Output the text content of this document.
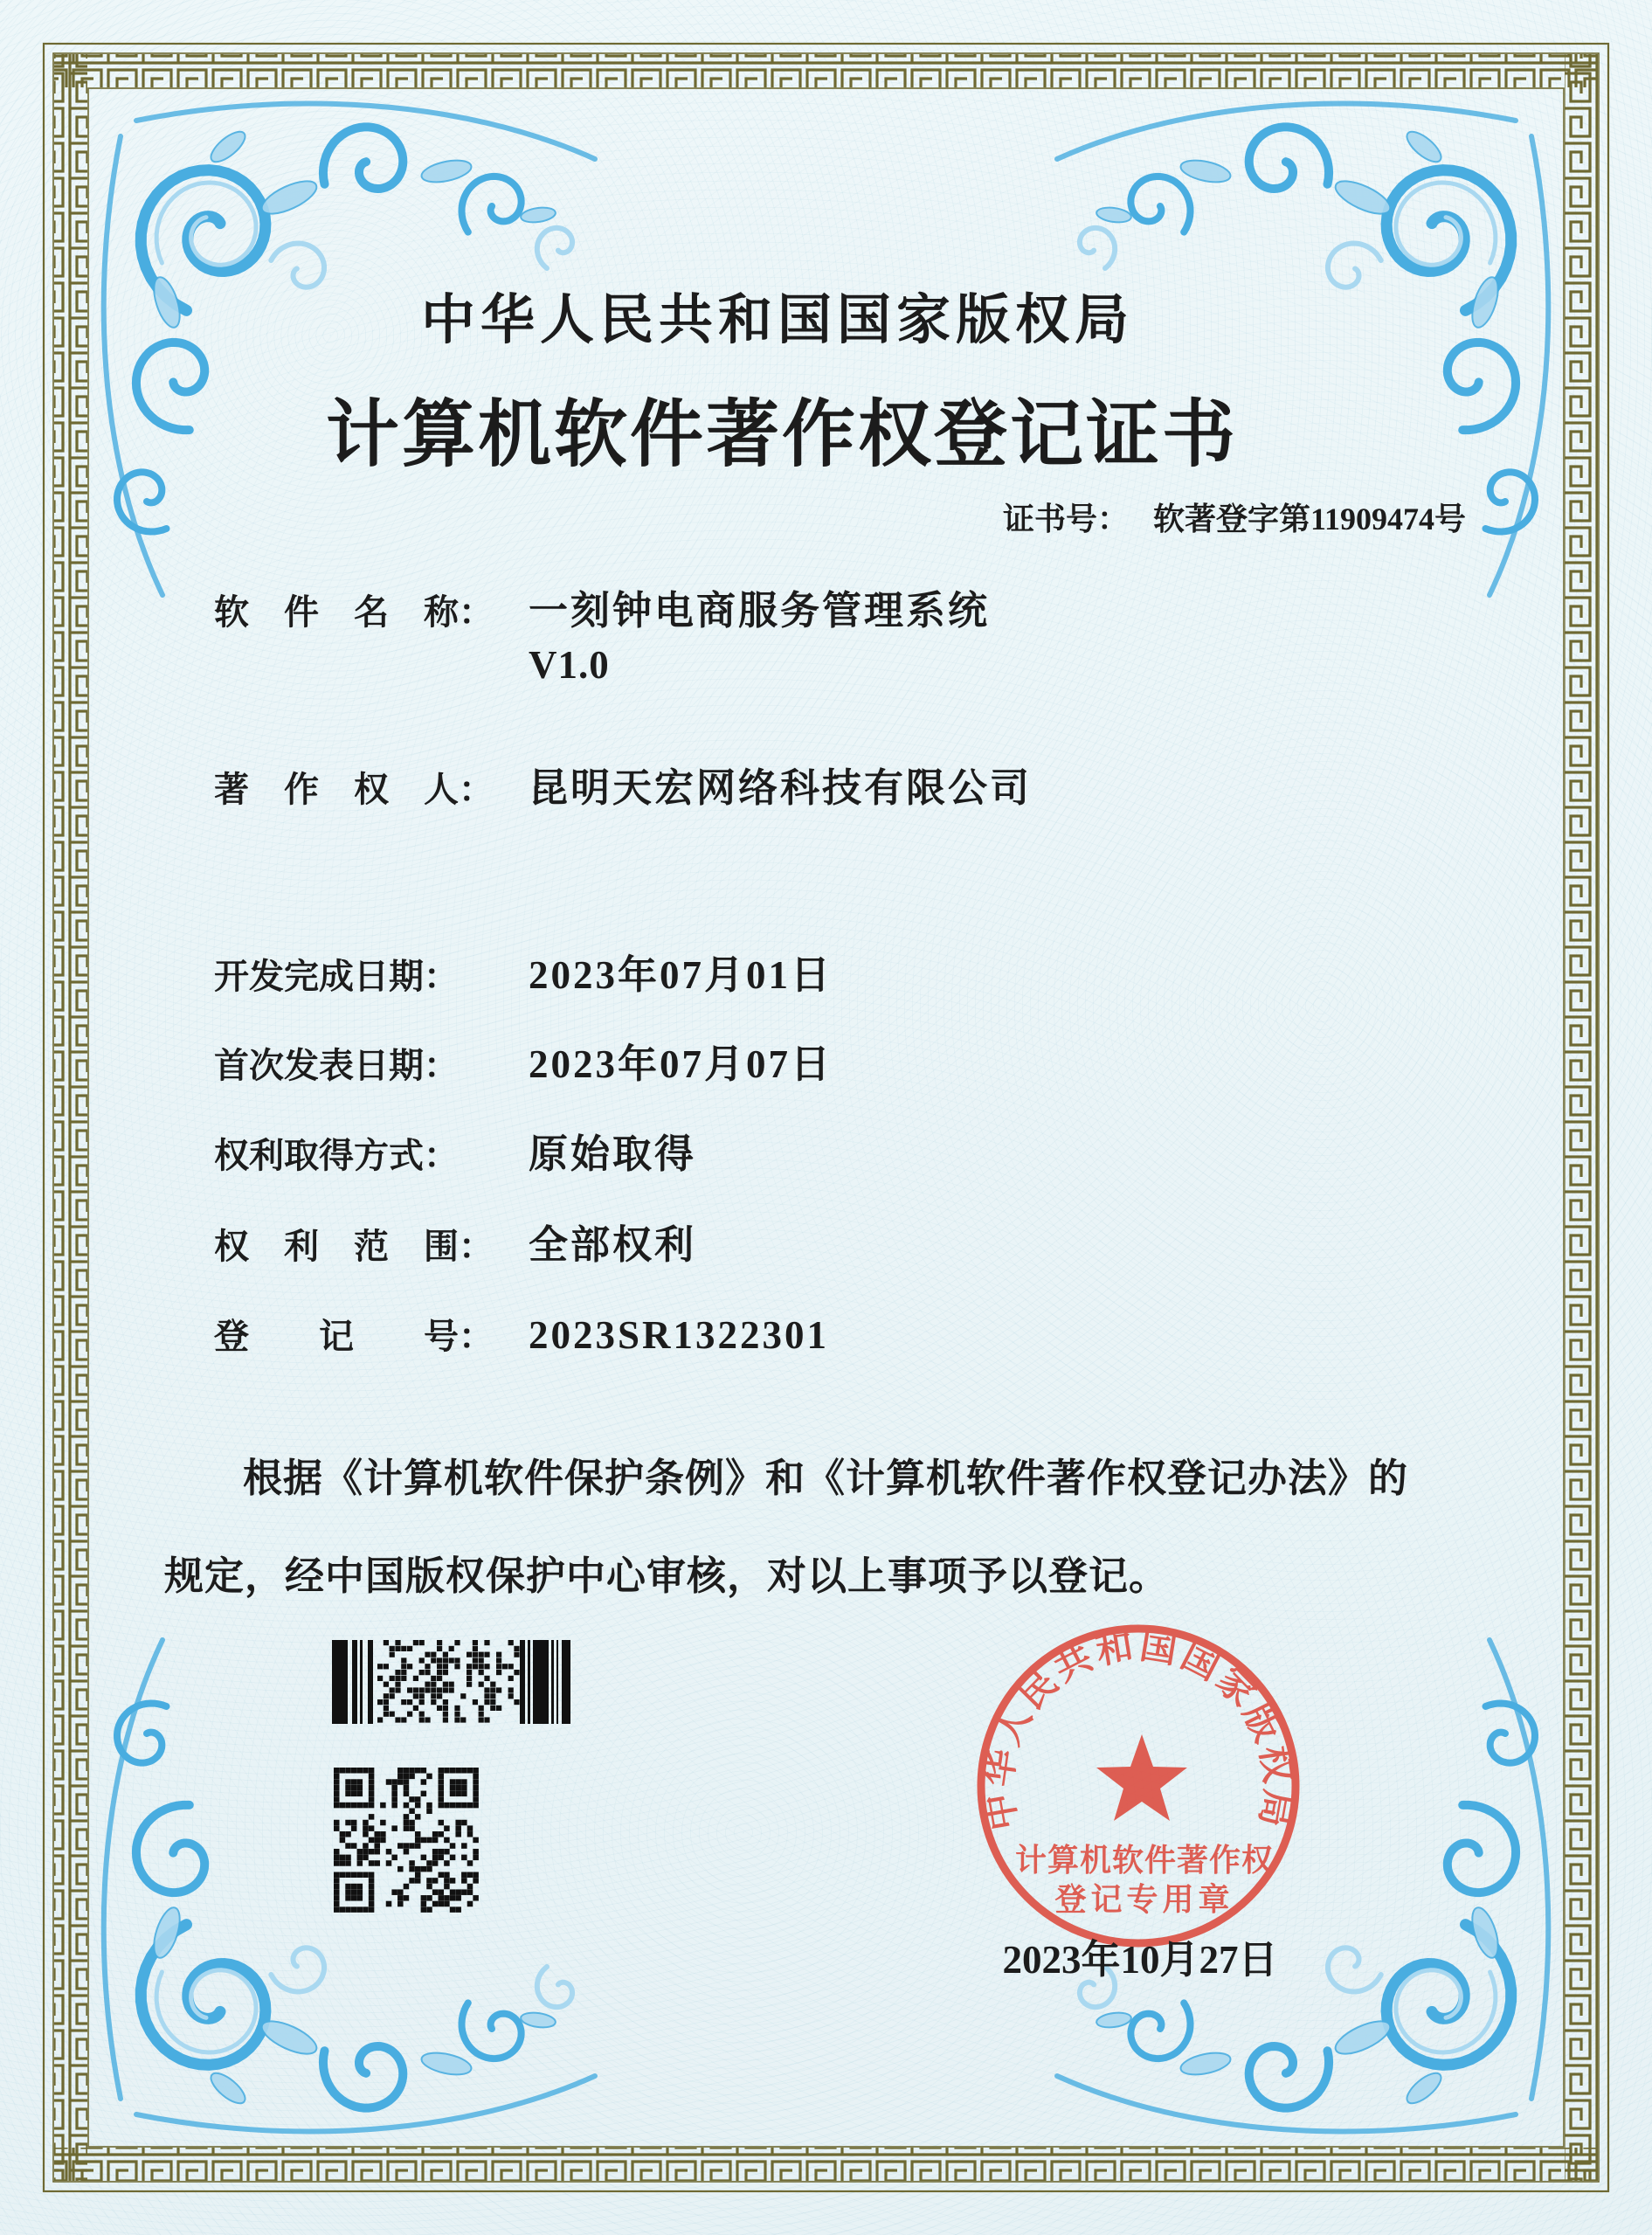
中华人民共和国国家版权局
计算机软件著作权
登记专用章
中华人民共和国国家版权局
计算机软件著作权登记证书
证书号： 软著登字第11909474号
软　件　名　称： 一刻钟电商服务管理系统
V1.0
著　作　权　人： 昆明天宏网络科技有限公司
开发完成日期：	2023年07月01日
首次发表日期：	2023年07月07日
权利取得方式：	原始取得
权　利　范　围： 全部权利
登　　记　　号： 2023SR1322301
根据《计算机软件保护条例》和《计算机软件著作权登记办法》的
规定，经中国版权保护中心审核，对以上事项予以登记。
2023年10月27日
